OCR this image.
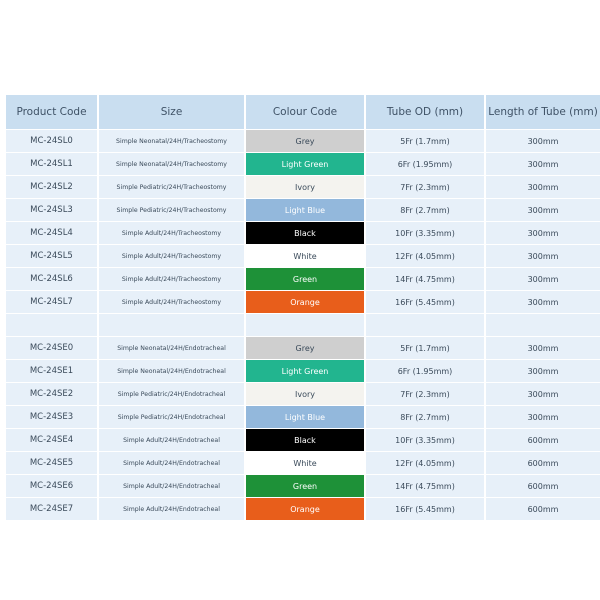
Product Code	Size	Colour Code	Tube OD (mm)	Length of Tube (mm)
MC-24SL0	Simple Neonatal/24H/Tracheostomy	Grey	5Fr (1.7mm)	300mm
MC-24SL1	Simple Neonatal/24H/Tracheostomy	Light Green	6Fr (1.95mm)	300mm
MC-24SL2	Simple Pediatric/24H/Tracheostomy	Ivory	7Fr (2.3mm)	300mm
MC-24SL3	Simple Pediatric/24H/Tracheostomy	Light Blue	8Fr (2.7mm)	300mm
MC-24SL4	Simple Adult/24H/Tracheostomy	Black	10Fr (3.35mm)	300mm
MC-24SL5	Simple Adult/24H/Tracheostomy	White	12Fr (4.05mm)	300mm
MC-24SL6	Simple Adult/24H/Tracheostomy	Green	14Fr (4.75mm)	300mm
MC-24SL7	Simple Adult/24H/Tracheostomy	Orange	16Fr (5.45mm)	300mm

MC-24SE0	Simple Neonatal/24H/Endotracheal	Grey	5Fr (1.7mm)	300mm
MC-24SE1	Simple Neonatal/24H/Endotracheal	Light Green	6Fr (1.95mm)	300mm
MC-24SE2	Simple Pediatric/24H/Endotracheal	Ivory	7Fr (2.3mm)	300mm
MC-24SE3	Simple Pediatric/24H/Endotracheal	Light Blue	8Fr (2.7mm)	300mm
MC-24SE4	Simple Adult/24H/Endotracheal	Black	10Fr (3.35mm)	600mm
MC-24SE5	Simple Adult/24H/Endotracheal	White	12Fr (4.05mm)	600mm
MC-24SE6	Simple Adult/24H/Endotracheal	Green	14Fr (4.75mm)	600mm
MC-24SE7	Simple Adult/24H/Endotracheal	Orange	16Fr (5.45mm)	600mm
